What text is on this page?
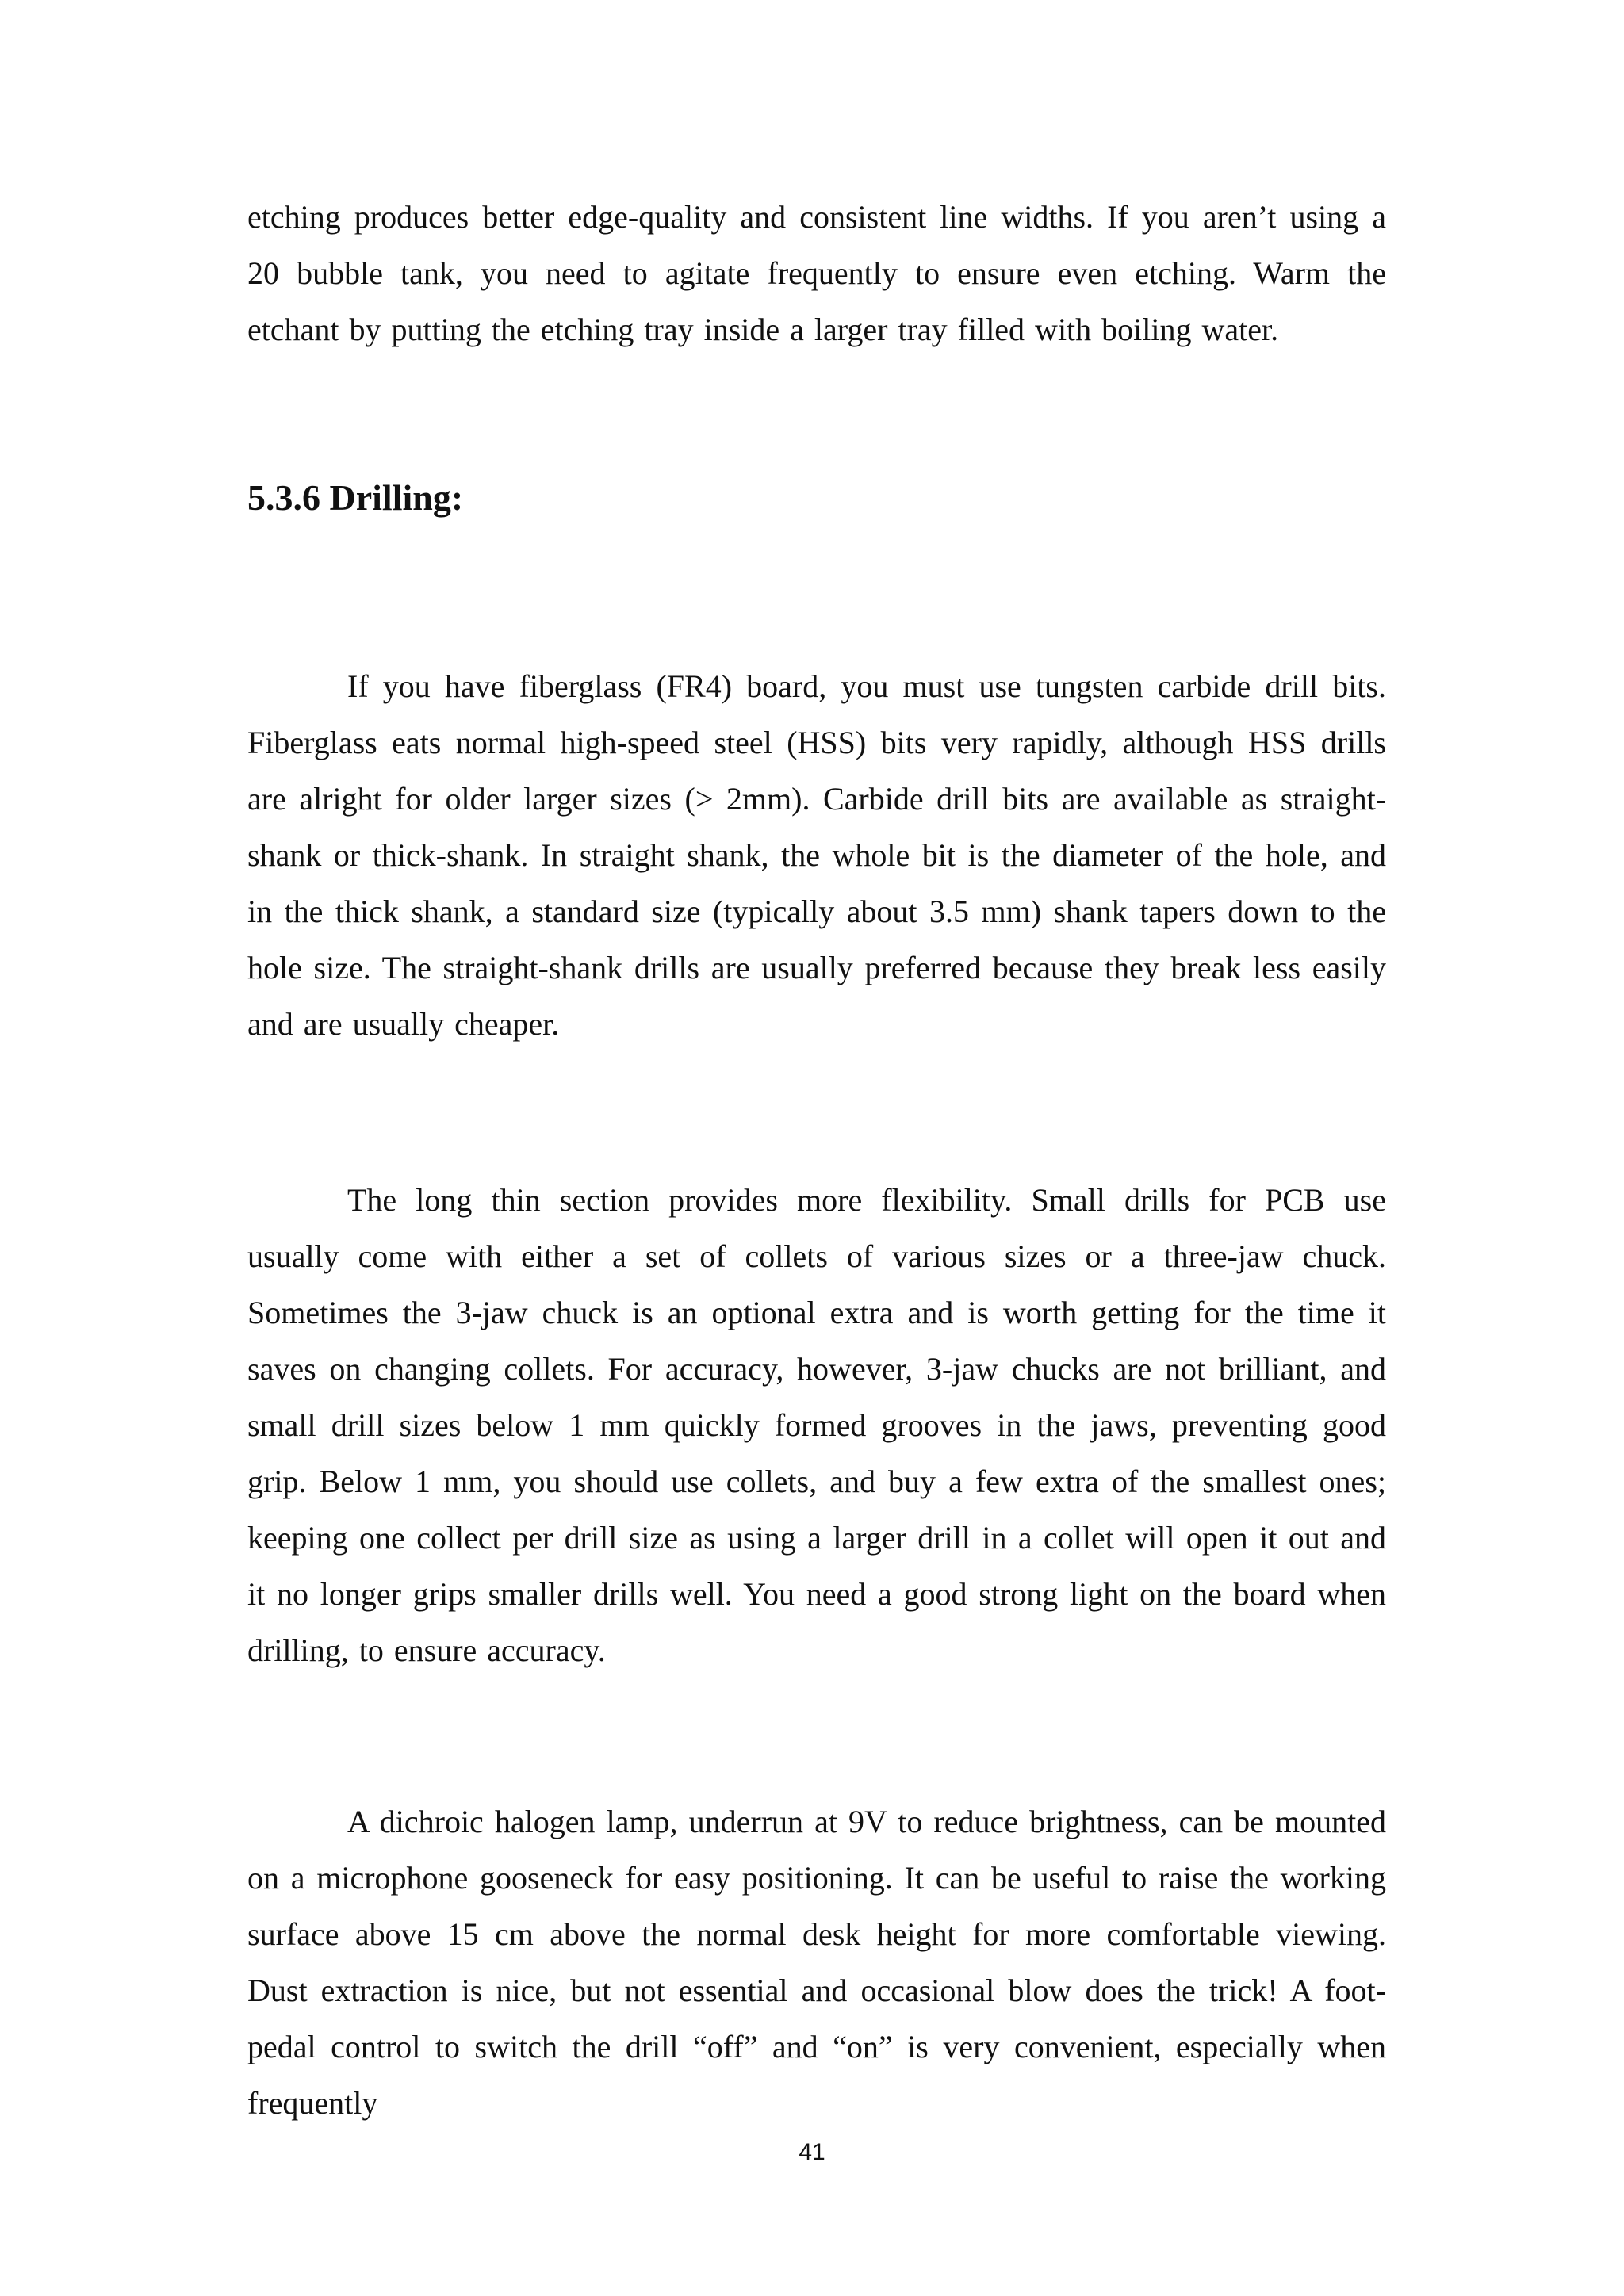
etching produces better edge-quality and consistent line widths. If you aren’t using a 20 bubble tank, you need to agitate frequently to ensure even etching. Warm the etchant by putting the etching tray inside a larger tray filled with boiling water.

5.3.6 Drilling:

If you have fiberglass (FR4) board, you must use tungsten carbide drill bits. Fiberglass eats normal high-speed steel (HSS) bits very rapidly, although HSS drills are alright for older larger sizes (> 2mm). Carbide drill bits are available as straight-shank or thick-shank. In straight shank, the whole bit is the diameter of the hole, and in the thick shank, a standard size (typically about 3.5 mm) shank tapers down to the hole size. The straight-shank drills are usually preferred because they break less easily and are usually cheaper.

The long thin section provides more flexibility. Small drills for PCB use usually come with either a set of collets of various sizes or a three-jaw chuck. Sometimes the 3-jaw chuck is an optional extra and is worth getting for the time it saves on changing collets. For accuracy, however, 3-jaw chucks are not brilliant, and small drill sizes below 1 mm quickly formed grooves in the jaws, preventing good grip. Below 1 mm, you should use collets, and buy a few extra of the smallest ones; keeping one collect per drill size as using a larger drill in a collet will open it out and it no longer grips smaller drills well. You need a good strong light on the board when drilling, to ensure accuracy.

A dichroic halogen lamp, underrun at 9V to reduce brightness, can be mounted on a microphone gooseneck for easy positioning. It can be useful to raise the working surface above 15 cm above the normal desk height for more comfortable viewing. Dust extraction is nice, but not essential and occasional blow does the trick! A foot-pedal control to switch the drill “off” and “on” is very convenient, especially when frequently

41
